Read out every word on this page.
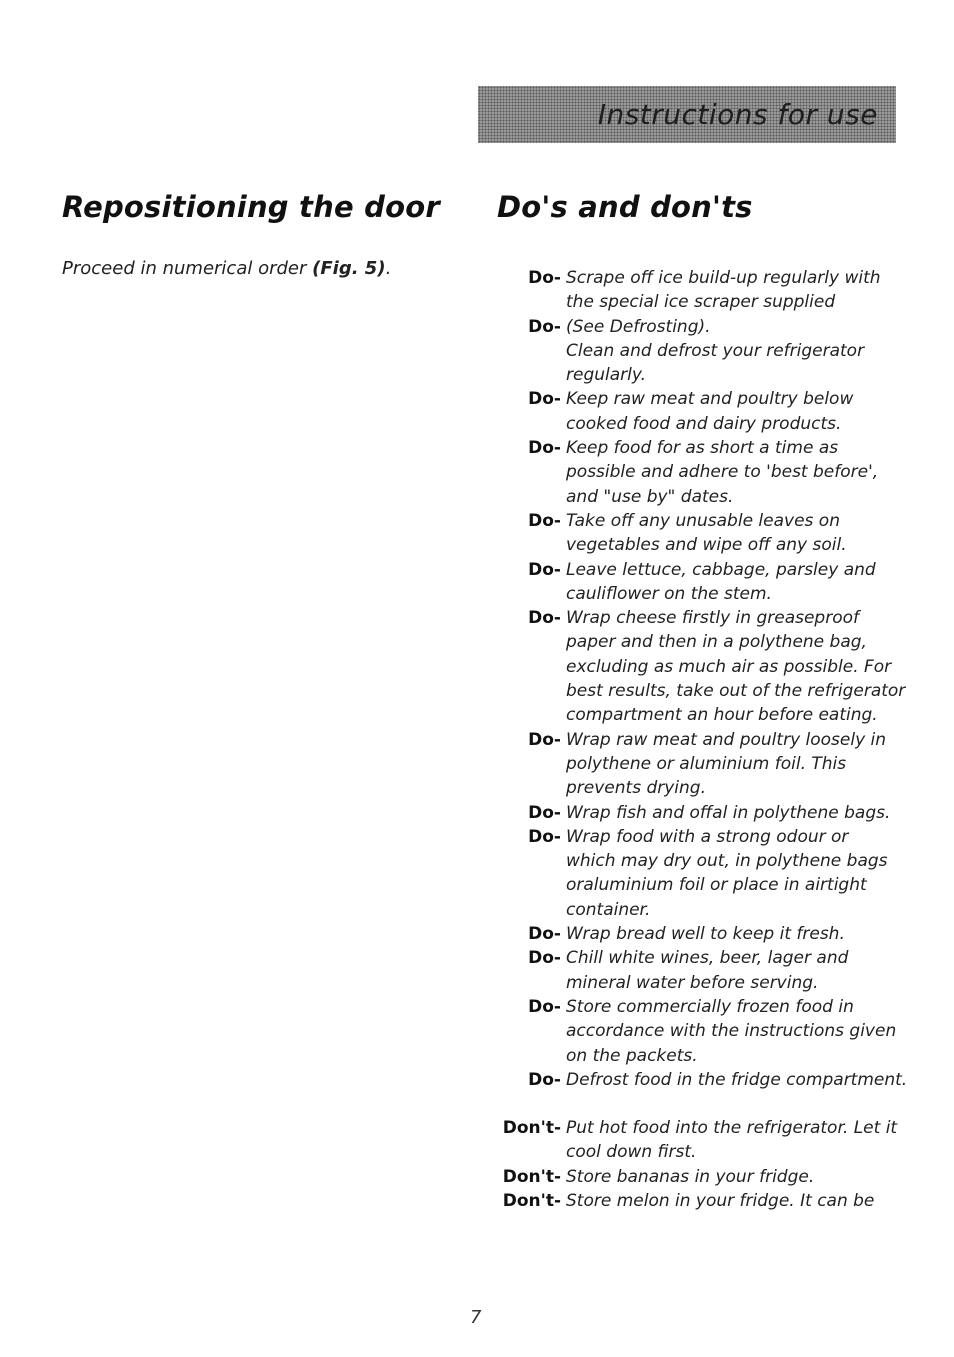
Instructions for use
Repositioning the door Do's and don'ts

Proceed in numerical order (Fig. 5).	Do- Scrape off ice build-up regularly with
the special ice scraper supplied
Do- (See Defrosting).
Clean and defrost your refrigerator
regularly.
Do- Keep raw meat and poultry below
cooked food and dairy products.
Do- Keep food for as short a time as
possible and adhere to 'best before',
and "use by" dates.
Do- Take off any unusable leaves on
vegetables and wipe off any soil.
Do- Leave lettuce, cabbage, parsley and
cauliflower on the stem.
Do- Wrap cheese firstly in greaseproof
paper and then in a polythene bag,
excluding as much air as possible. For
best results, take out of the refrigerator
compartment an hour before eating.
Do- Wrap raw meat and poultry loosely in
polythene or aluminium foil. This
prevents drying.
Do- Wrap fish and offal in polythene bags.
Do- Wrap food with a strong odour or
which may dry out, in polythene bags
oraluminium foil or place in airtight
container.
Do- Wrap bread well to keep it fresh.
Do- Chill white wines, beer, lager and
mineral water before serving.
Do- Store commercially frozen food in
accordance with the instructions given
on the packets.
Do- Defrost food in the fridge compartment.
Don't- Put hot food into the refrigerator. Let it
cool down first.
Don't- Store bananas in your fridge.
Don't- Store melon in your fridge. It can be
7
